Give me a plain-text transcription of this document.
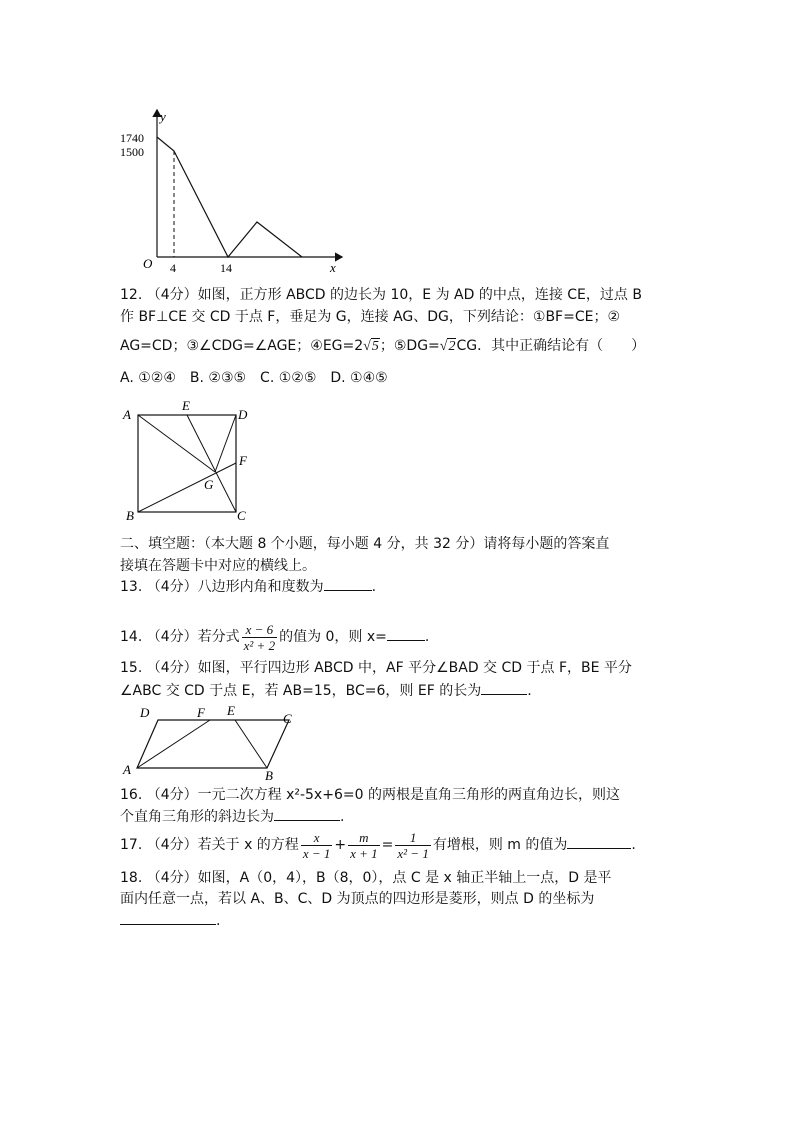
y
x
O
1740
1500
4	14
12. （4分）如图，正方形 ABCD 的边长为 10，E 为 AD 的中点，连接 CE，过点 B
作 BF⊥CE 交 CD 于点 F，垂足为 G，连接 AG、DG，下列结论：①BF=CE；②
AG=CD；③∠CDG=∠AGE；④EG=2√5；⑤DG=√2CG．其中正确结论有（　　）
A. ①②④　B. ②③⑤　C. ①②⑤　D. ①④⑤
A
E
D
F
G
B	C
二、填空题：（本大题 8 个小题，每小题 4 分，共 32 分）请将每小题的答案直
接填在答题卡中对应的横线上。
13. （4分）八边形内角和度数为	.
14. （4分）若分式 $\frac{x - 6}{\text{x² + 2}}$ 的值为 0，则 x=	.
15. （4分）如图，平行四边形 ABCD 中，AF 平分∠BAD 交 CD 于点 F，BE 平分
∠ABC 交 CD 于点 E，若 AB=15，BC=6，则 EF 的长为	.
D	F E
C
A	B
16. （4分）一元二次方程 x²-5x+6=0 的两根是直角三角形的两直角边长，则这
个直角三角形的斜边长为	.
17. （4分）若关于 x 的方程 $\frac{x}{x - 1} + \frac{m}{x + 1} = \frac{1}{\text{x² − 1}}$ 有增根，则 m 的值为	.
18. （4分）如图，A（0，4），B（8，0），点 C 是 x 轴正半轴上一点，D 是平
面内任意一点，若以 A、B、C、D 为顶点的四边形是菱形，则点 D 的坐标为
.
